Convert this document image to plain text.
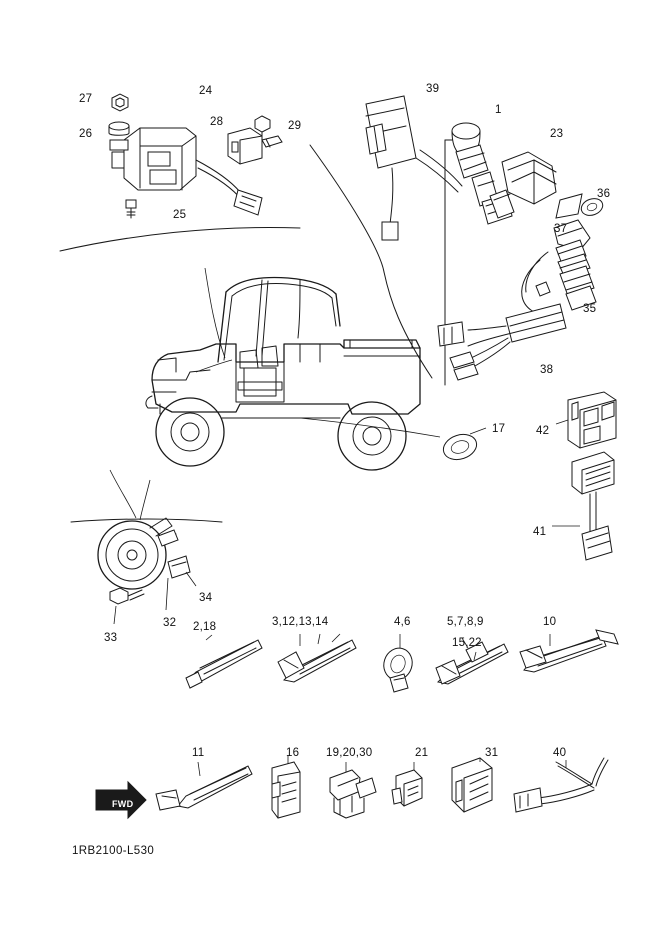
FWD
27
26
24
28	29
25
39
1
23
36
37
35
38
17	42
41
34
32
33
2,18	3,12,13,14	4,6	5,7,8,9
15,22
10
11	16 19,20,30	21	31	40
1RB2100-L530
